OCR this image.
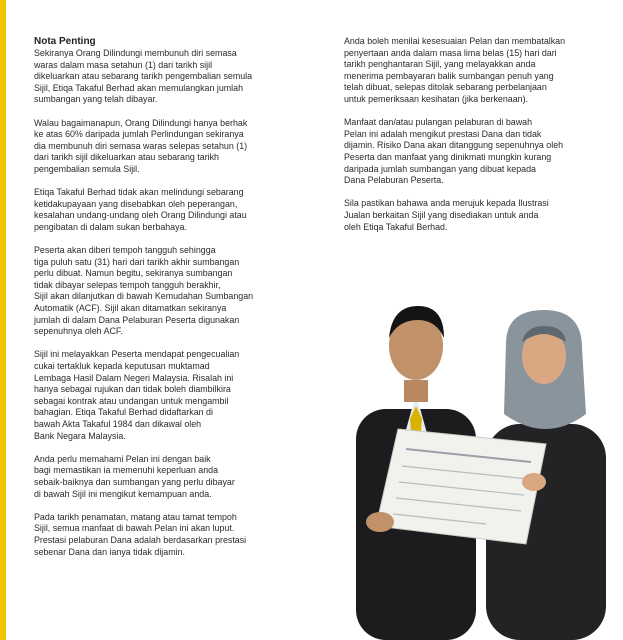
Nota Penting

Sekiranya Orang Dilindungi membunuh diri semasa
waras dalam masa setahun (1) dari tarikh sijil
dikeluarkan atau sebarang tarikh pengembalian semula
Sijil, Etiqa Takaful Berhad akan memulangkan jumlah
sumbangan yang telah dibayar.

Walau bagaimanapun, Orang Dilindungi hanya berhak
ke atas 60% daripada jumlah Perlindungan sekiranya
dia membunuh diri semasa waras selepas setahun (1)
dari tarikh sijil dikeluarkan atau sebarang tarikh
pengembalian semula Sijil.

Etiqa Takaful Berhad tidak akan melindungi sebarang
ketidakupayaan yang disebabkan oleh peperangan,
kesalahan undang-undang oleh Orang Dilindungi atau
pengibatan di dalam sukan berbahaya.

Peserta akan diberi tempoh tangguh sehingga
tiga puluh satu (31) hari dari tarikh akhir sumbangan
perlu dibuat. Namun begitu, sekiranya sumbangan
tidak dibayar selepas tempoh tangguh berakhir,
Sijil akan dilanjutkan di bawah Kemudahan Sumbangan
Automatik (ACF). Sijil akan ditamatkan sekiranya
jumlah di dalam Dana Pelaburan Peserta digunakan
sepenuhnya oleh ACF.

Sijil ini melayakkan Peserta mendapat pengecualian
cukai tertakluk kepada keputusan muktamad
Lembaga Hasil Dalam Negeri Malaysia. Risalah ini
hanya sebagai rujukan dan tidak boleh diambilkira
sebagai kontrak atau undangan untuk mengambil
bahagian. Etiqa Takaful Berhad didaftarkan di
bawah Akta Takaful 1984 dan dikawal oleh
Bank Negara Malaysia.

Anda perlu memahami Pelan ini dengan baik
bagi memastikan ia memenuhi keperluan anda
sebaik-baiknya dan sumbangan yang perlu dibayar
di bawah Sijil ini mengikut kemampuan anda.

Pada tarikh penamatan, matang atau tamat tempoh
Sijil, semua manfaat di bawah Pelan ini akan luput.
Prestasi pelaburan Dana adalah berdasarkan prestasi
sebenar Dana dan ianya tidak dijamin.

Anda boleh menilai kesesuaian Pelan dan membatalkan
penyertaan anda dalam masa lima belas (15) hari dari
tarikh penghantaran Sijil, yang melayakkan anda
menerima pembayaran balik sumbangan penuh yang
telah dibuat, selepas ditolak sebarang perbelanjaan
untuk pemeriksaan kesihatan (jika berkenaan).

Manfaat dan/atau pulangan pelaburan di bawah
Pelan ini adalah mengikut prestasi Dana dan tidak
dijamin. Risiko Dana akan ditanggung sepenuhnya oleh
Peserta dan manfaat yang dinikmati mungkin kurang
daripada jumlah sumbangan yang dibuat kepada
Dana Pelaburan Peserta.

Sila pastikan bahawa anda merujuk kepada Ilustrasi
Jualan berkaitan Sijil yang disediakan untuk anda
oleh Etiqa Takaful Berhad.
